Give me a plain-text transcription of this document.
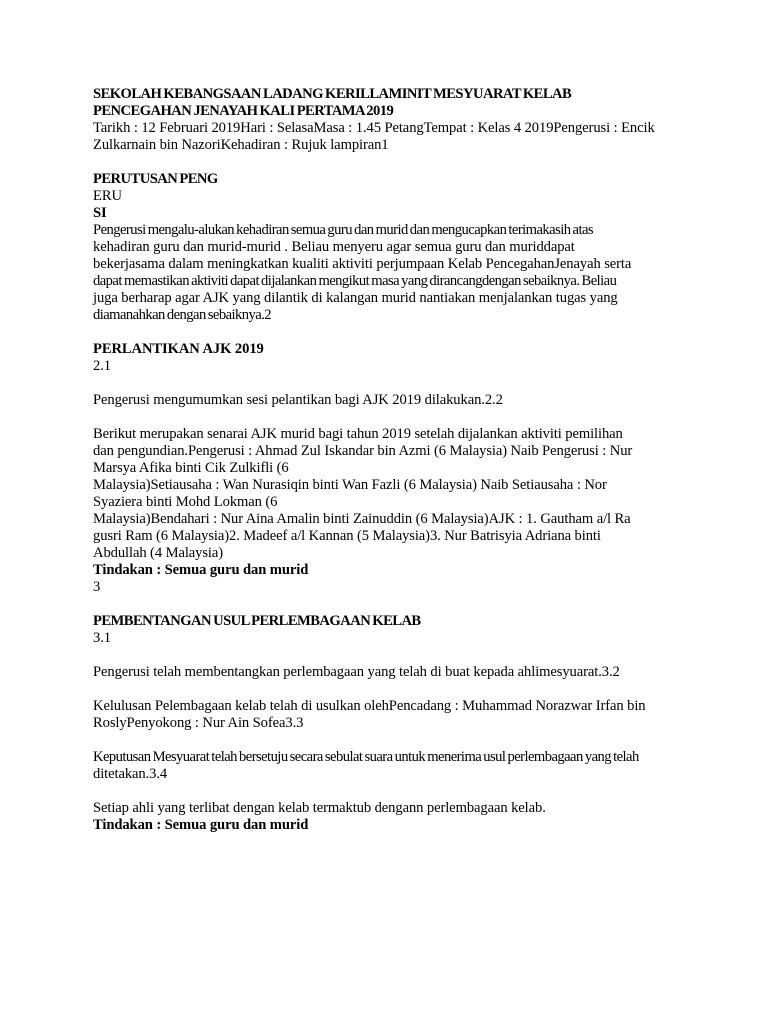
SEKOLAH KEBANGSAAN LADANG KERILLAMINIT MESYUARAT KELAB

PENCEGAHAN JENAYAH KALI PERTAMA 2019

Tarikh : 12 Februari 2019Hari : SelasaMasa : 1.45 PetangTempat : Kelas 4 2019Pengerusi : Encik

Zulkarnain bin NazoriKehadiran : Rujuk lampiran1

PERUTUSAN PENG

ERU

SI

Pengerusi mengalu-alukan kehadiran semua guru dan murid dan mengucapkan terimakasih atas

kehadiran guru dan murid-murid . Beliau menyeru agar semua guru dan muriddapat

bekerjasama dalam meningkatkan kualiti aktiviti perjumpaan Kelab PencegahanJenayah serta

dapat memastikan aktiviti dapat dijalankan mengikut masa yang dirancangdengan sebaiknya. Beliau

juga berharap agar AJK yang dilantik di kalangan murid nantiakan menjalankan tugas yang

diamanahkan dengan sebaiknya.2

PERLANTIKAN AJK 2019

2.1

Pengerusi mengumumkan sesi pelantikan bagi AJK 2019 dilakukan.2.2

Berikut merupakan senarai AJK murid bagi tahun 2019 setelah dijalankan aktiviti pemilihan

dan pengundian.Pengerusi : Ahmad Zul Iskandar bin Azmi (6 Malaysia) Naib Pengerusi : Nur

Marsya Afika binti Cik Zulkifli (6

Malaysia)Setiausaha : Wan Nurasiqin binti Wan Fazli (6 Malaysia) Naib Setiausaha : Nor

Syaziera binti Mohd Lokman (6

Malaysia)Bendahari : Nur Aina Amalin binti Zainuddin (6 Malaysia)AJK : 1. Gautham a/l Ra

gusri Ram (6 Malaysia)2. Madeef a/l Kannan (5 Malaysia)3. Nur Batrisyia Adriana binti

Abdullah (4 Malaysia)

Tindakan : Semua guru dan murid

3

PEMBENTANGAN USUL PERLEMBAGAAN KELAB

3.1

Pengerusi telah membentangkan perlembagaan yang telah di buat kepada ahlimesyuarat.3.2

Kelulusan Pelembagaan kelab telah di usulkan olehPencadang : Muhammad Norazwar Irfan bin

RoslyPenyokong : Nur Ain Sofea3.3

Keputusan Mesyuarat telah bersetuju secara sebulat suara untuk menerima usul perlembagaan yang telah

ditetakan.3.4

Setiap ahli yang terlibat dengan kelab termaktub dengann perlembagaan kelab.

Tindakan : Semua guru dan murid
